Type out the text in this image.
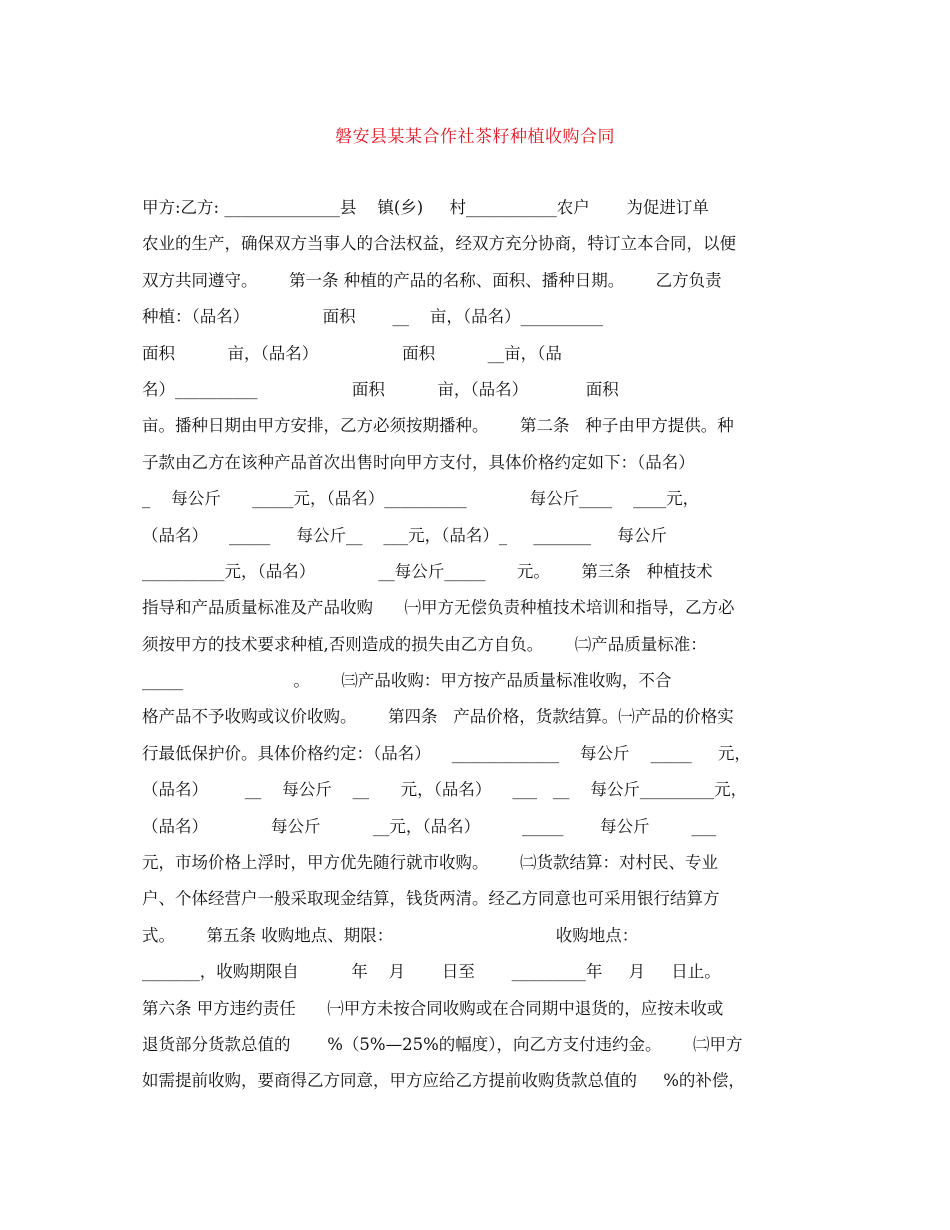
磐安县某某合作社茶籽种植收购合同
甲方:乙方: ______________县    镇(乡)     村___________农户       为促进订单
农业的生产，确保双方当事人的合法权益，经双方充分协商，特订立本合同，以便
双方共同遵守。      第一条 种植的产品的名称、面积、播种日期。      乙方负责
种植：（品名）              面积       __    亩，（品名）__________
面积          亩，（品名）                面积          __亩，（品
名）__________                  面积          亩，（品名）           面积
亩。播种日期由甲方安排，乙方必须按期播种。      第二条   种子由甲方提供。种
子款由乙方在该种产品首次出售时向甲方支付，具体价格约定如下：（品名）
_    每公斤      _____元，（品名）__________            每公斤____    ____元，
（品名）    _____     每公斤__    ___元，（品名）_     _______     每公斤
__________元，（品名）            __每公斤_____      元。      第三条   种植技术
指导和产品质量标准及产品收购      ㈠甲方无偿负责种植技术培训和指导，乙方必
须按甲方的技术要求种植,否则造成的损失由乙方自负。      ㈡产品质量标准：
_____                     。      ㈢产品收购：甲方按产品质量标准收购，不合
格产品不予收购或议价收购。      第四条   产品价格，货款结算。㈠产品的价格实
行最低保护价。具体价格约定：（品名）    _____________    每公斤    _____     元，
（品名）       __    每公斤    __      元，（品名）    ___   __    每公斤_________元，
（品名）            每公斤          __元，（品名）        _____       每公斤        ___
元，市场价格上浮时，甲方优先随行就市收购。      ㈡货款结算：对村民、专业
户、个体经营户一般采取现金结算，钱货两清。经乙方同意也可采用银行结算方
式。      第五条 收购地点、期限：                               收购地点：
_______，收购期限自          年    月       日至       _________年     月     日止。
第六条 甲方违约责任      ㈠甲方未按合同收购或在合同期中退货的，应按未收或
退货部分货款总值的       %（5%—25%的幅度），向乙方支付违约金。      ㈡甲方
如需提前收购，要商得乙方同意，甲方应给乙方提前收购货款总值的     %的补偿，
